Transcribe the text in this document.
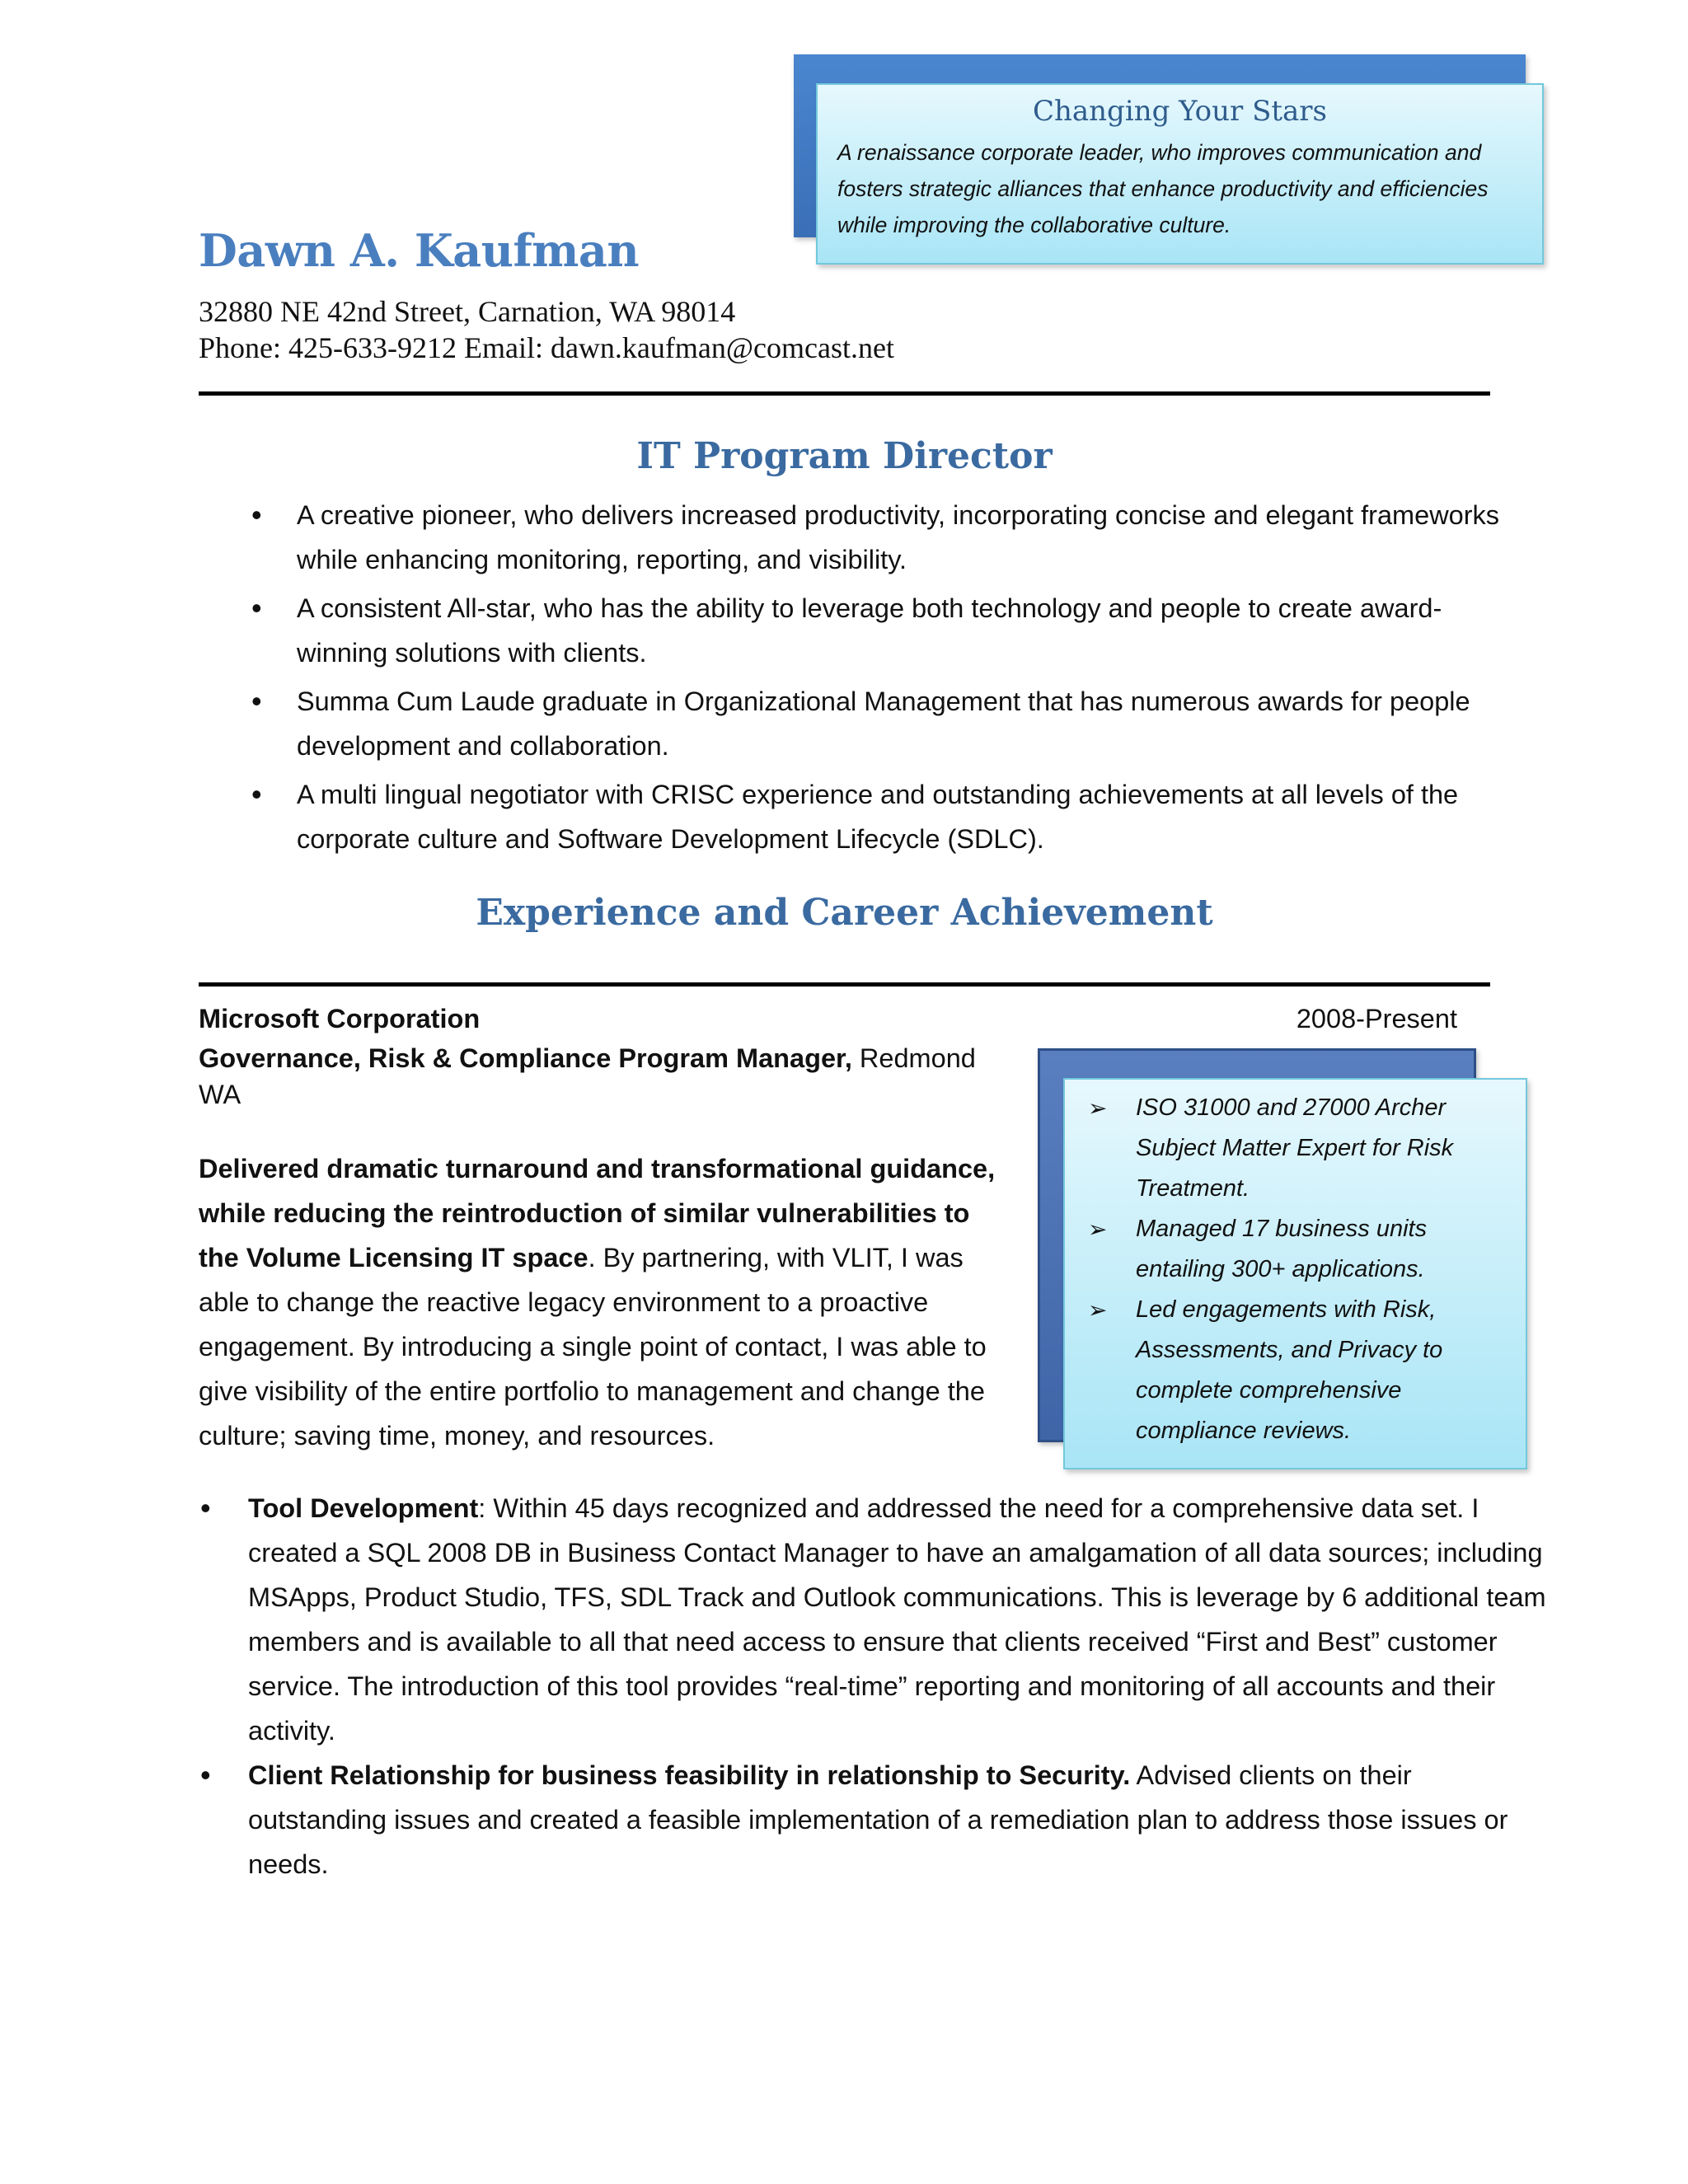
Changing Your Stars

A renaissance corporate leader, who improves communication and fosters strategic alliances that enhance productivity and efficiencies while improving the collaborative culture.

Dawn A. Kaufman

32880 NE 42nd Street, Carnation, WA 98014

Phone: 425-633-9212 Email: dawn.kaufman@comcast.net

IT Program Director
• A creative pioneer, who delivers increased productivity, incorporating concise and elegant frameworks while enhancing monitoring, reporting, and visibility.
• A consistent All-star, who has the ability to leverage both technology and people to create award-winning solutions with clients.
• Summa Cum Laude graduate in Organizational Management that has numerous awards for people development and collaboration.
• A multi lingual negotiator with CRISC experience and outstanding achievements at all levels of the corporate culture and Software Development Lifecycle (SDLC).
Experience and Career Achievement

Microsoft Corporation	2008-Present

Governance, Risk & Compliance Program Manager, Redmond WA

Delivered dramatic turnaround and transformational guidance, while reducing the reintroduction of similar vulnerabilities to the Volume Licensing IT space. By partnering, with VLIT, I was able to change the reactive legacy environment to a proactive engagement. By introducing a single point of contact, I was able to give visibility of the entire portfolio to management and change the culture; saving time, money, and resources.

➢ ISO 31000 and 27000 Archer Subject Matter Expert for Risk Treatment.
➢ Managed 17 business units entailing 300+ applications.
➢ Led engagements with Risk, Assessments, and Privacy to complete comprehensive compliance reviews.
• Tool Development: Within 45 days recognized and addressed the need for a comprehensive data set. I created a SQL 2008 DB in Business Contact Manager to have an amalgamation of all data sources; including MSApps, Product Studio, TFS, SDL Track and Outlook communications. This is leverage by 6 additional team members and is available to all that need access to ensure that clients received “First and Best” customer service. The introduction of this tool provides “real-time” reporting and monitoring of all accounts and their activity.
• Client Relationship for business feasibility in relationship to Security. Advised clients on their outstanding issues and created a feasible implementation of a remediation plan to address those issues or needs.
